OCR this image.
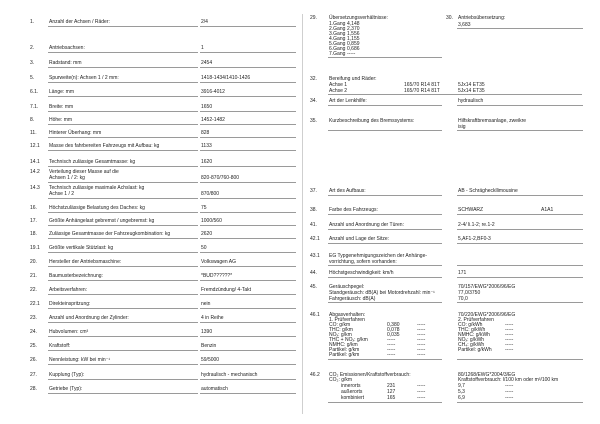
1.	Anzahl der Achsen / Räder:	2/4
2.	Antriebsachsen:	1
3.	Radstand: mm	2454
5.	Spurweite(n): Achsen 1 / 2 mm:	1418-1434/1410-1426
6.1. Länge: mm	3916-4012
7.1. Breite: mm	1650
8.	Höhe: mm	1452-1482
11. Hinterer Überhang: mm	828
12.1 Masse des fahrbereiten Fahrzeugs mit Aufbau: kg	1133
14.1 Technisch zulässige Gesamtmasse: kg	1620
14.2 Verteilung dieser Masse auf die
Achsen 1 / 2: kg	820-870/760-800
14.3 Technisch zulässige maximale Achslast: kg
Achse 1 / 2	870/800
16. Höchstzulässige Belastung des Daches: kg	75
17. Größte Anhängelast gebremst / ungebremst: kg	1000/560
18. Zulässige Gesamtmasse der Fahrzeugkombination: kg	2620
19.1 Größte vertikale Stützlast: kg	50
20. Hersteller der Antriebsmaschine:	Volkswagen AG
21. Baumusterbezeichnung:	*BUD??????*
22. Arbeitsverfahren:	Fremdzündung/ 4-Takt
22.1 Direkteinspritzung:	nein
23. Anzahl und Anordnung der Zylinder:	4 in Reihe
24. Hubvolumen: cm³	1390
25. Kraftstoff:	Benzin
26. Nennleistung: kW bei min⁻¹	59/5000
27. Kupplung (Typ):	hydraulisch - mechanisch
28. Getriebe (Typ):	automatisch
29. Übersetzungsverhältnisse:
1.Gang 4,148
2.Gang 2,370
3.Gang 1,556
4.Gang 1,155
5.Gang 0,859
6.Gang 0,686
7.Gang -----
30. Antriebsübersetzung:
3,683
32. Bereifung und Räder:
Achse 1	165/70 R14 81T	5Jx14 ET35
Achse 2	165/70 R14 81T	5Jx14 ET35
34. Art der Lenkhilfe:	hydraulisch
35. Kurzbeschreibung des Bremssystems:	Hilfskraftbremsanlage, zweikre
isig
37. Art des Aufbaus:	AB - Schrägheckllimousine
38. Farbe des Fahrzeugs:	SCHWARZ	A1A1
41. Anzahl und Anordnung der Türen:	2-4/ li.1-2; re.1-2
42.1 Anzahl und Lage der Sitze:	5,AF1-2,BF0-3
43.1 EG Typgenehmigungszeichen der Anhänge-
vorrichtung, sofern vorhanden:
44. Höchstgeschwindigkeit: km/h	171
45. Geräuschpegel:	70/157/EWG*2006/96/EG
Standgeräusch: dB(A) bei Motordrehzahl: min⁻¹	77,0/3750
Fahrgeräusch: dB(A)	70,0
46.1 Abgasverhalten:	70/220/EWG*2006/96/EG
1. Prüfverfahren	2. Prüfverfahren
CO: g/km	0,380	-----	CO: g/kWh	-----
THC: g/km	0,078	-----	THC: g/kWh	-----
NOₓ: g/km	0,035	-----	NMHC: g/kWh	-----
THC + NOₓ: g/km	-----	-----	NOₓ: g/kWh	-----
NMHC: g/km	-----	-----	CH₄: g/kWh	-----
Partikel: g/km	-----	-----	Partikel: g/kWh	-----
Partikel: g/km	-----	-----
46.2 CO₂ Emissionen/Kraftstoffverbrauch:	80/1268/EWG*2004/3/EG
CO₂: g/km	Kraftstoffverbrauch: l/100 km oder m³/100 km
innerorts	231	-----	9,7	-----
außerorts	127	-----	5,3	-----
kombiniert	165	-----	6,9	-----
